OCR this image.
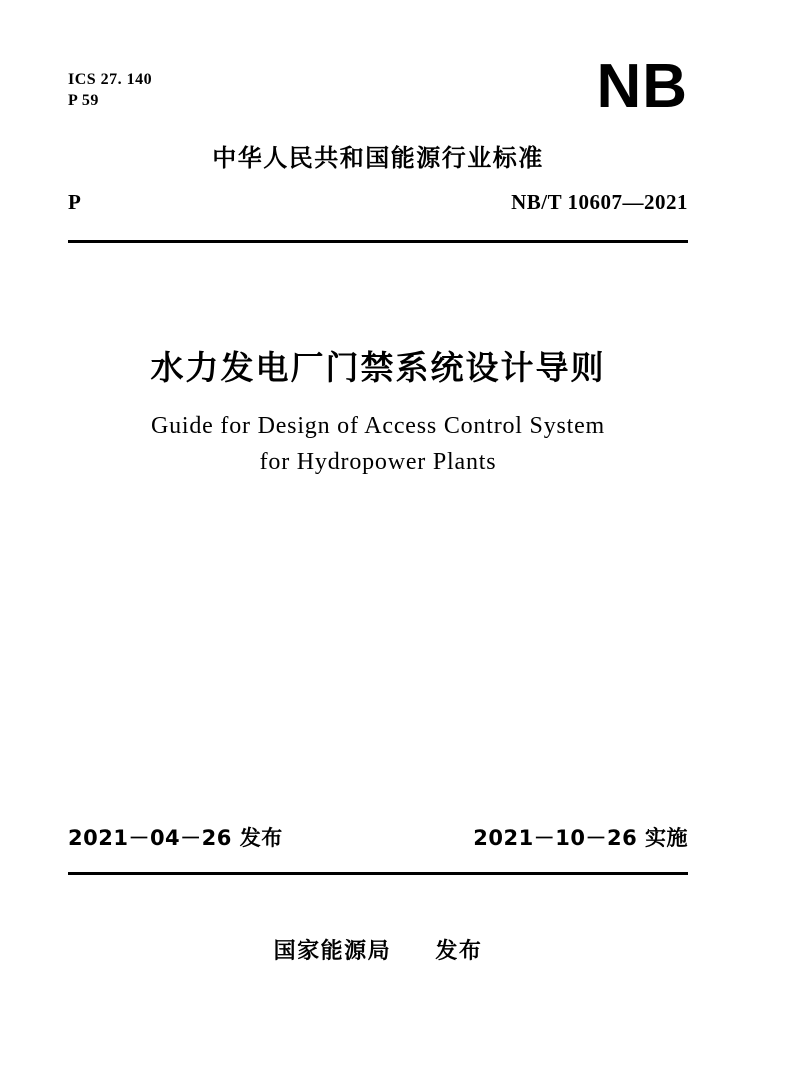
ICS 27. 140
P 59	NB
中华人民共和国能源行业标准
P	NB/T 10607—2021
水力发电厂门禁系统设计导则
Guide for Design of Access Control System
for Hydropower Plants
2021－04－26 发布	2021－10－26 实施
国家能源局 发布
